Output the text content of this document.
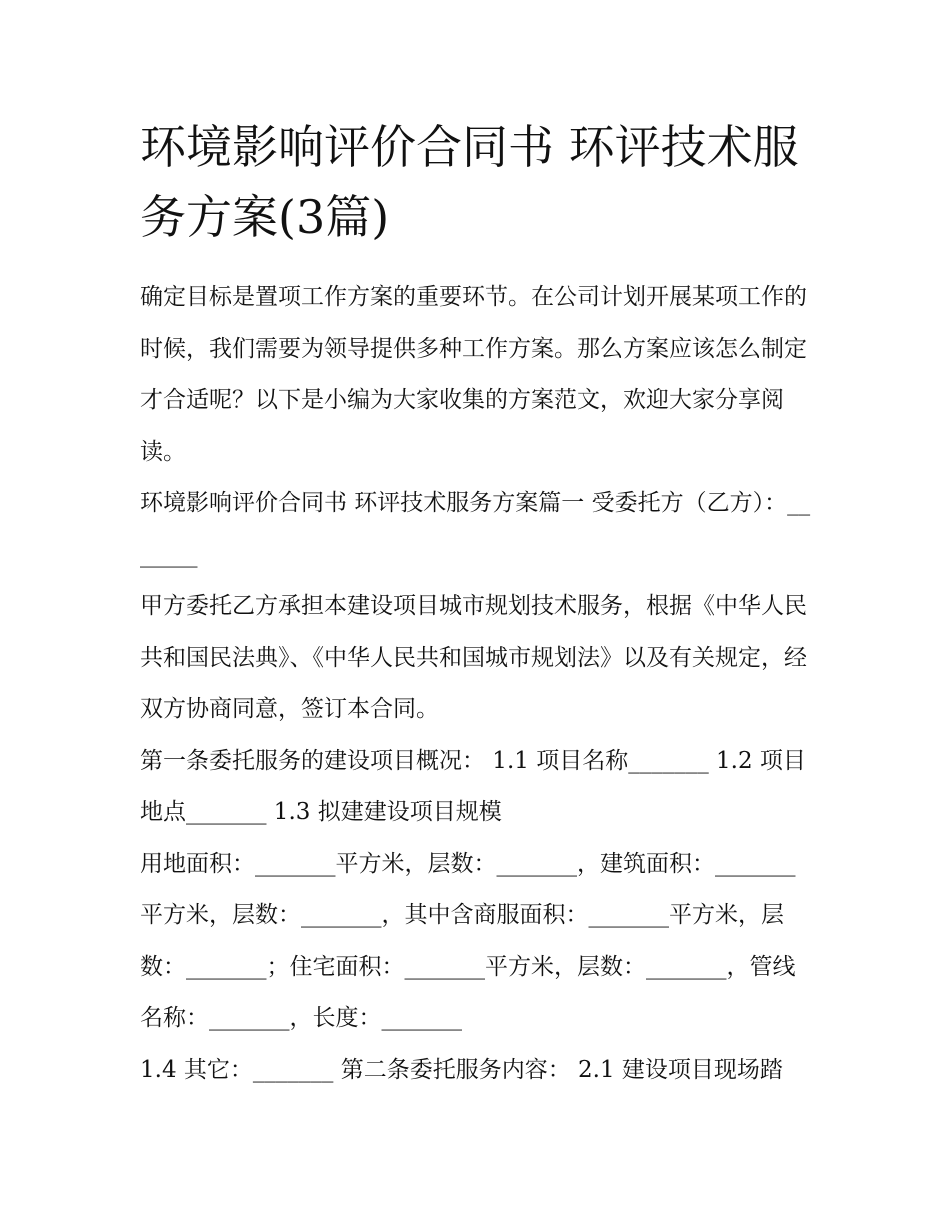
环境影响评价合同书 环评技术服务方案(3篇)

确定目标是置项工作方案的重要环节。在公司计划开展某项工作的时候，我们需要为领导提供多种工作方案。那么方案应该怎么制定才合适呢？以下是小编为大家收集的方案范文，欢迎大家分享阅读。

环境影响评价合同书 环评技术服务方案篇一 受委托方（乙方）：_______

甲方委托乙方承担本建设项目城市规划技术服务，根据《中华人民共和国民法典》、《中华人民共和国城市规划法》以及有关规定，经双方协商同意，签订本合同。

第一条委托服务的建设项目概况： 1.1 项目名称_______ 1.2 项目地点_______ 1.3 拟建建设项目规模

用地面积：_______平方米，层数：_______，建筑面积：_______平方米，层数：_______，其中含商服面积：_______平方米，层数：_______；住宅面积：_______平方米，层数：_______，管线名称：_______，长度：_______

1.4 其它：_______ 第二条委托服务内容： 2.1 建设项目现场踏
